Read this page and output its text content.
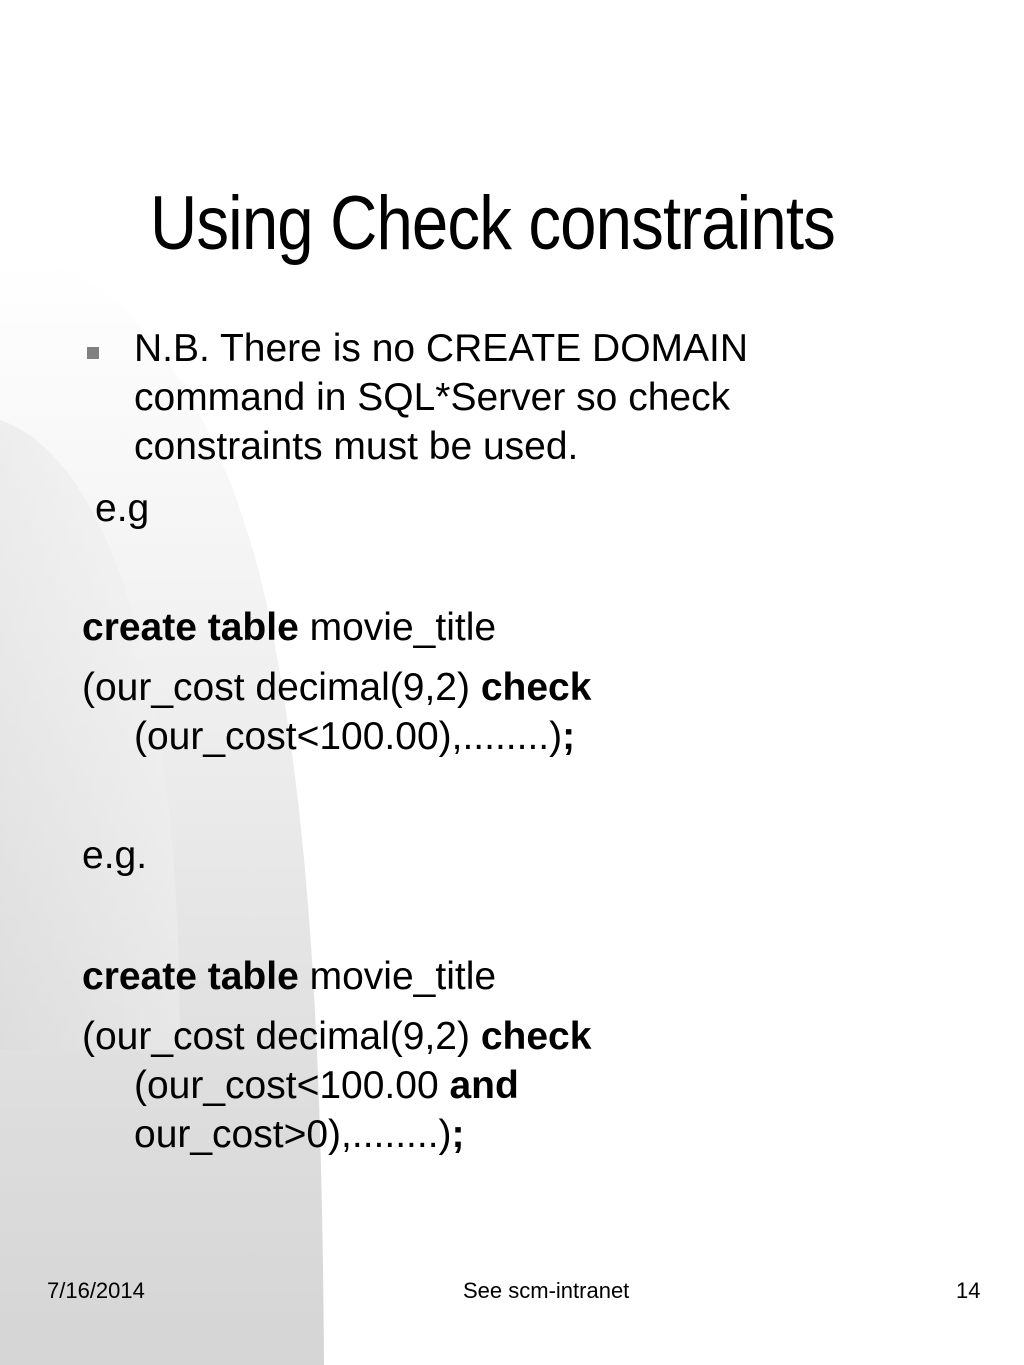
Using Check constraints
N.B. There is no CREATE DOMAIN
command in SQL*Server so check
constraints must be used.
e.g
create table movie_title
(our_cost decimal(9,2) check
(our_cost<100.00),........);
e.g.
create table movie_title
(our_cost decimal(9,2) check
(our_cost<100.00 and
our_cost>0),........);
7/16/2014	See scm-intranet	14
